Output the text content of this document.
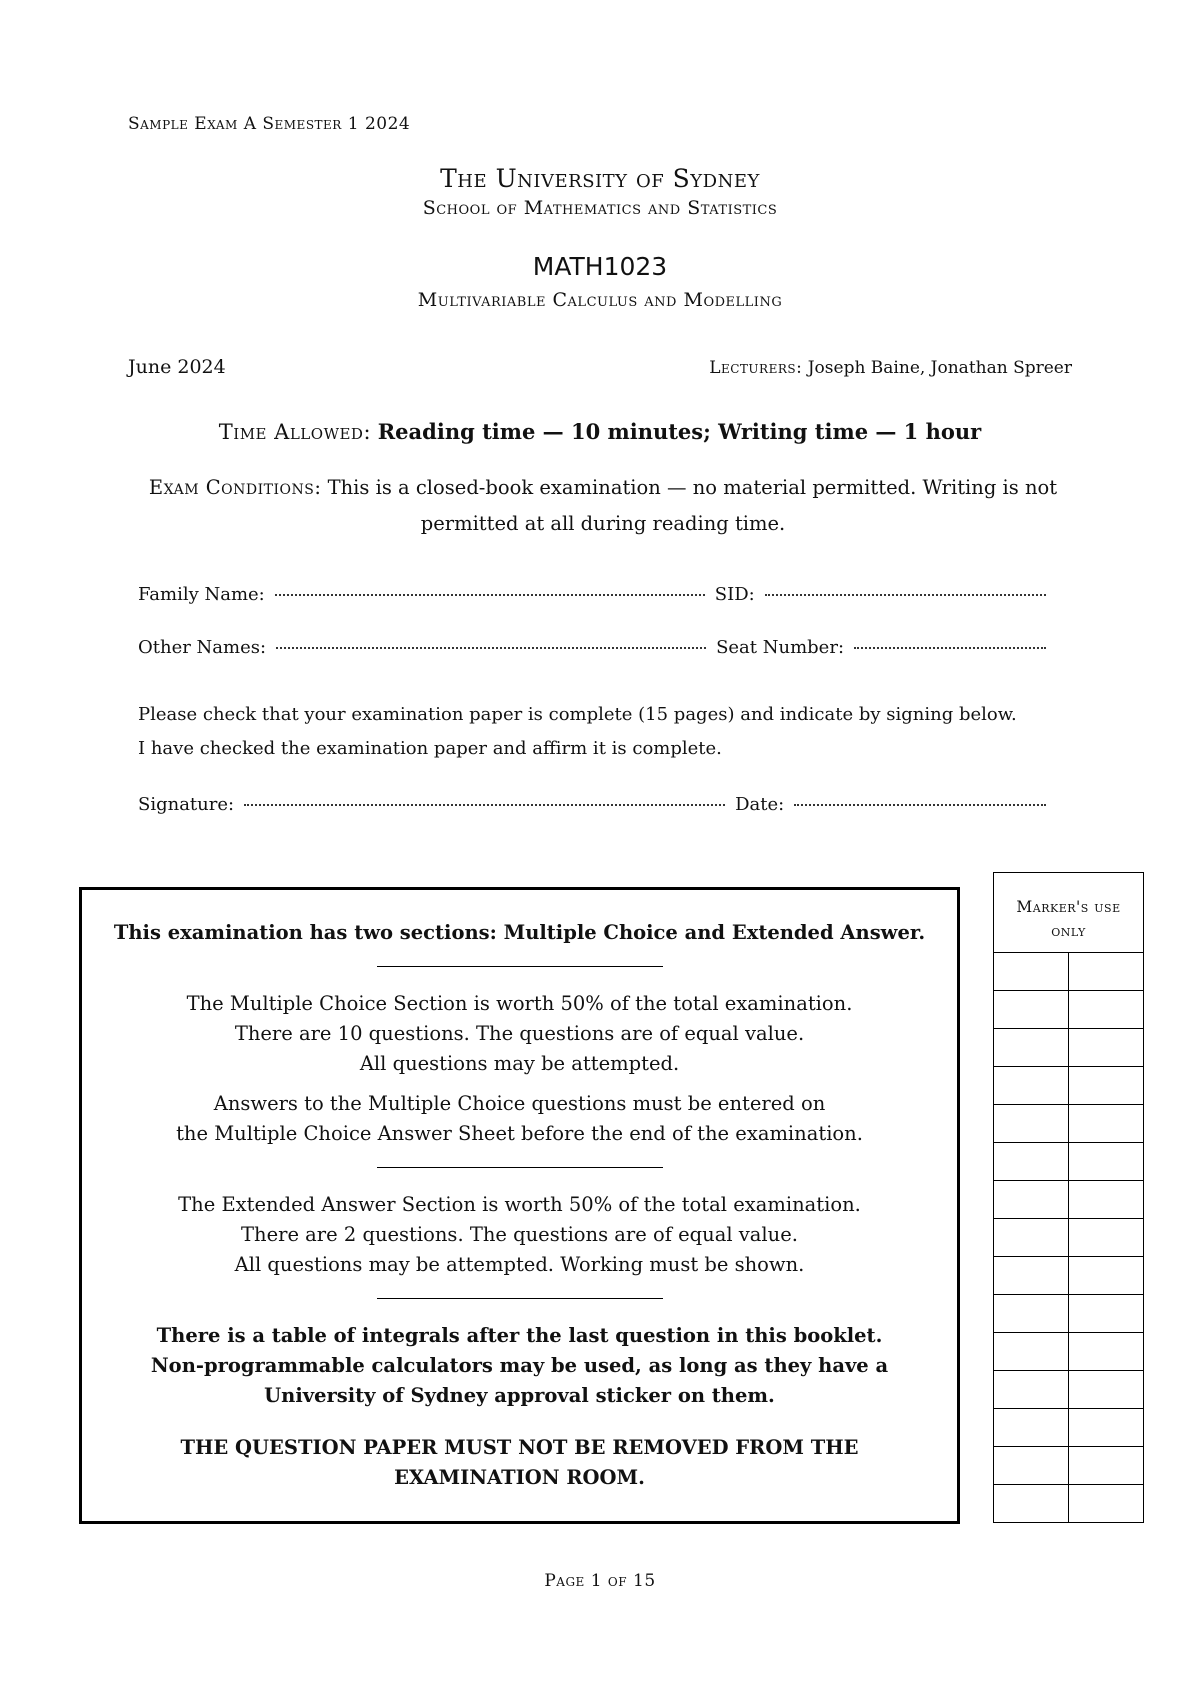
Sample Exam A Semester 1 2024
The University of Sydney
School of Mathematics and Statistics
MATH1023
Multivariable Calculus and Modelling
June 2024	Lecturers: Joseph Baine, Jonathan Spreer
Time Allowed: Reading time — 10 minutes; Writing time — 1 hour
Exam Conditions: This is a closed-book examination — no material permitted. Writing is not permitted at all during reading time.
Family Name:	SID:
Other Names:	Seat Number:
Please check that your examination paper is complete (15 pages) and indicate by signing below.
I have checked the examination paper and affirm it is complete.
Signature:	Date:

This examination has two sections: Multiple Choice and Extended Answer.

The Multiple Choice Section is worth 50% of the total examination.

There are 10 questions. The questions are of equal value.

All questions may be attempted.

Answers to the Multiple Choice questions must be entered on

the Multiple Choice Answer Sheet before the end of the examination.

The Extended Answer Section is worth 50% of the total examination.

There are 2 questions. The questions are of equal value.

All questions may be attempted. Working must be shown.

There is a table of integrals after the last question in this booklet.

Non-programmable calculators may be used, as long as they have a

University of Sydney approval sticker on them.

THE QUESTION PAPER MUST NOT BE REMOVED FROM THE

EXAMINATION ROOM.

Marker's use
only
Page 1 of 15
